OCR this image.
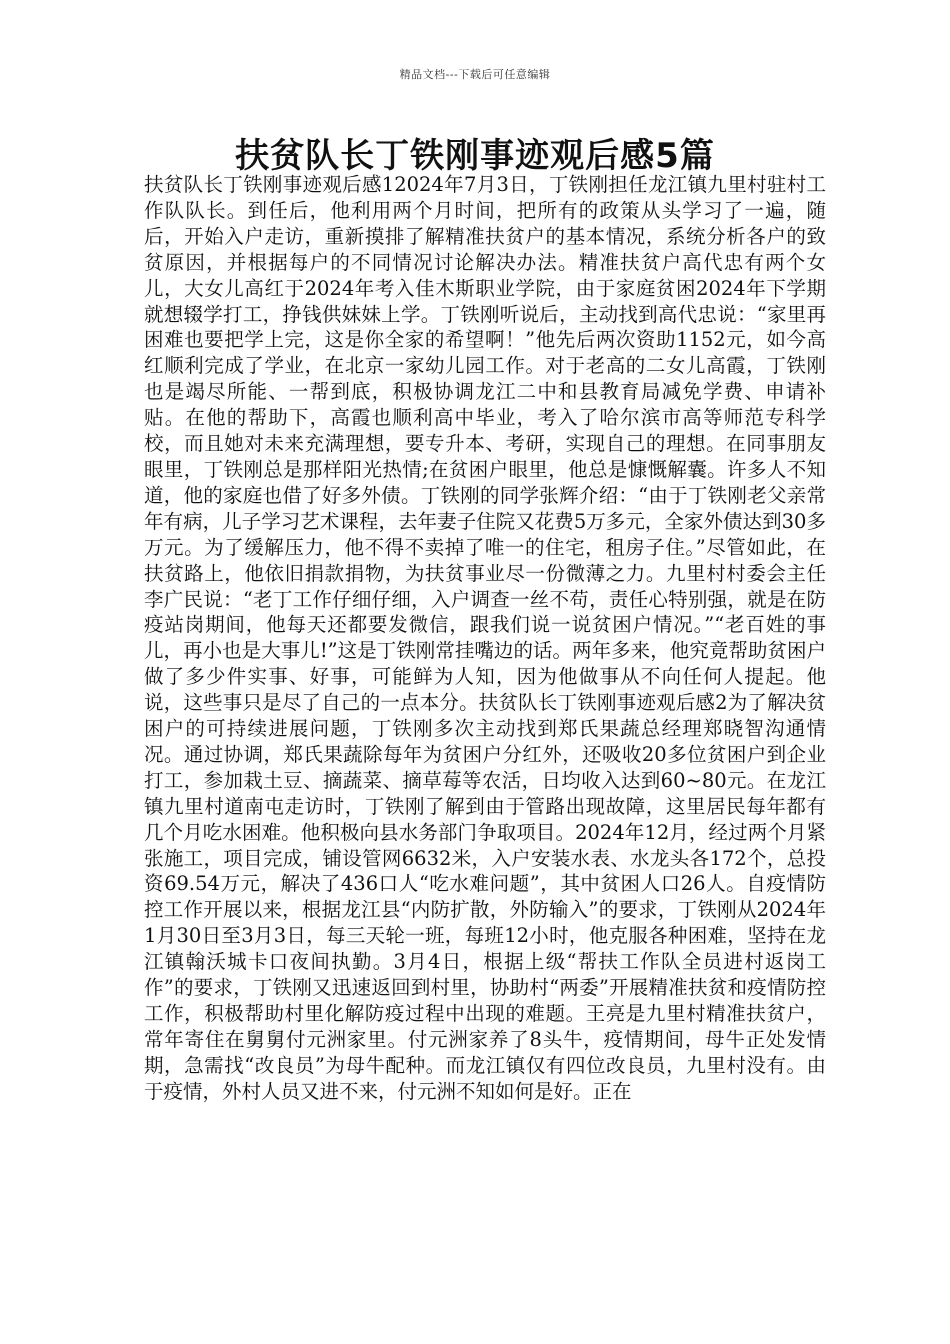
精品文档---下载后可任意编辑
扶贫队长丁铁刚事迹观后感5篇

扶贫队长丁铁刚事迹观后感12024年7月3日，丁铁刚担任龙江镇九里村驻村工作队队长。到任后，他利用两个月时间，把所有的政策从头学习了一遍，随后，开始入户走访，重新摸排了解精准扶贫户的基本情况，系统分析各户的致贫原因，并根据每户的不同情况讨论解决办法。精准扶贫户高代忠有两个女儿，大女儿高红于2024年考入佳木斯职业学院，由于家庭贫困2024年下学期就想辍学打工，挣钱供妹妹上学。丁铁刚听说后，主动找到高代忠说：“家里再困难也要把学上完，这是你全家的希望啊！”他先后两次资助1152元，如今高红顺利完成了学业，在北京一家幼儿园工作。对于老高的二女儿高霞，丁铁刚也是竭尽所能、一帮到底，积极协调龙江二中和县教育局减免学费、申请补贴。在他的帮助下，高霞也顺利高中毕业，考入了哈尔滨市高等师范专科学校，而且她对未来充满理想，要专升本、考研，实现自己的理想。在同事朋友眼里，丁铁刚总是那样阳光热情;在贫困户眼里，他总是慷慨解囊。许多人不知道，他的家庭也借了好多外债。丁铁刚的同学张辉介绍：“由于丁铁刚老父亲常年有病，儿子学习艺术课程，去年妻子住院又花费5万多元，全家外债达到30多万元。为了缓解压力，他不得不卖掉了唯一的住宅，租房子住。”尽管如此，在扶贫路上，他依旧捐款捐物，为扶贫事业尽一份微薄之力。九里村村委会主任李广民说：“老丁工作仔细仔细，入户调查一丝不苟，责任心特别强，就是在防疫站岗期间，他每天还都要发微信，跟我们说一说贫困户情况。”“老百姓的事儿，再小也是大事儿!”这是丁铁刚常挂嘴边的话。两年多来，他究竟帮助贫困户做了多少件实事、好事，可能鲜为人知，因为他做事从不向任何人提起。他说，这些事只是尽了自己的一点本分。扶贫队长丁铁刚事迹观后感2为了解决贫困户的可持续进展问题，丁铁刚多次主动找到郑氏果蔬总经理郑晓智沟通情况。通过协调，郑氏果蔬除每年为贫困户分红外，还吸收20多位贫困户到企业打工，参加栽土豆、摘蔬菜、摘草莓等农活，日均收入达到60~80元。在龙江镇九里村道南屯走访时，丁铁刚了解到由于管路出现故障，这里居民每年都有几个月吃水困难。他积极向县水务部门争取项目。2024年12月，经过两个月紧张施工，项目完成，铺设管网6632米，入户安装水表、水龙头各172个，总投资69.54万元，解决了436口人“吃水难问题”，其中贫困人口26人。自疫情防控工作开展以来，根据龙江县“内防扩散，外防输入”的要求，丁铁刚从2024年1月30日至3月3日，每三天轮一班，每班12小时，他克服各种困难，坚持在龙江镇翰沃城卡口夜间执勤。3月4日，根据上级“帮扶工作队全员进村返岗工作”的要求，丁铁刚又迅速返回到村里，协助村“两委”开展精准扶贫和疫情防控工作，积极帮助村里化解防疫过程中出现的难题。王亮是九里村精准扶贫户，常年寄住在舅舅付元洲家里。付元洲家养了8头牛，疫情期间，母牛正处发情期，急需找“改良员”为母牛配种。而龙江镇仅有四位改良员，九里村没有。由于疫情，外村人员又进不来，付元洲不知如何是好。正在
